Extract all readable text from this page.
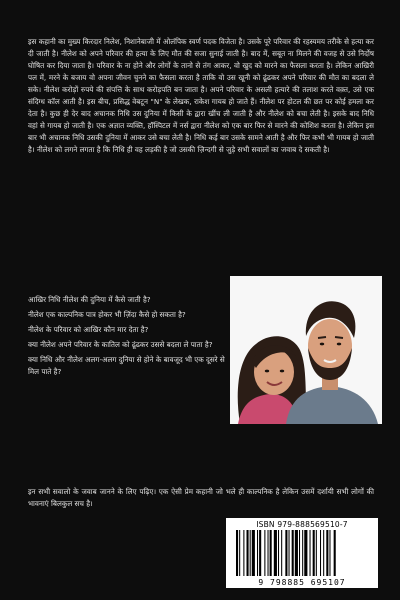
इस कहानी का मुख्य किरदार निलेश, निशानेबाजी में ओलंपिक स्वर्ण पदक विजेता है। उसके पूरे परिवार की रहस्यमय तरीके से हत्या कर दी जाती है। नीलेश को अपने परिवार की हत्या के लिए मौत की सजा सुनाई जाती है। बाद में, सबूत ना मिलने की वजह से उसे निर्दोष घोषित कर दिया जाता है। परिवार के ना होने और लोगों के तानो से तंग आकर, वो खुद को मारने का फैसला करता है। लेकिन आखिरी पल में, मरने के बजाय वो अपना जीवन चुनने का फैसला करता है ताकि वो उस खूनी को ढूंढकर अपने परिवार की मौत का बदला ले सके। नीलेश करोड़ों रुपये की संपत्ति के साथ करोड़पति बन जाता है। अपने परिवार के असली हत्यारे की तलाश करते वक़्त, उसे एक संदिग्ध कॉल आती है। इस बीच, प्रसिद्ध वेबटून "N" के लेखक, राकेश गायब हो जाते हैं। नीलेश पर होटल की छत पर कोई हमला कर देता है। कुछ ही देर बाद अचानक निधि उस दुनिया में किसी के द्वारा खींच ली जाती है और नीलेश को बचा लेती है। इसके बाद निधि वहां से गायब हो जाती है। एक अज्ञात व्यक्ति, हॉस्पिटल में नर्स द्वारा नीलेश को एक बार फिर से मारने की कोशिश करता है। लेकिन इस बार भी अचानक निधि उसकी दुनिया में आकर उसे बचा लेती है। निधि कई बार उसके सामने आती है और फिर कभी भी गायब हो जाती है। नीलेश को लगने लगता है कि निधि ही वह लड़की है जो उसकी ज़िन्दगी से जुड़े सभी सवालों का जवाब दे सकती है।

आखिर निधि नीलेश की दुनिया में कैसे जाती है?
नीलेश एक काल्पनिक पात्र होकर भी ज़िंदा कैसे हो सकता है?
नीलेश के परिवार को आखिर कौन मार देता है?
क्या नीलेश अपने परिवार के कातिल को ढूंढकर उससे बदला ले पाता है?
क्या निधि और नीलेश अलग-अलग दुनिया से होने के बावजूद भी एक दूसरे से मिल पाते है?

इन सभी सवालो के जवाब जानने के लिए पढ़िए। एक ऐसी प्रेम कहानी जो भले ही काल्पनिक है लेकिन उसमें दर्शायी सभी लोगों की भावनाएं बिलकुल सच है।

ISBN 979-888569510-7
9 798885 695107
